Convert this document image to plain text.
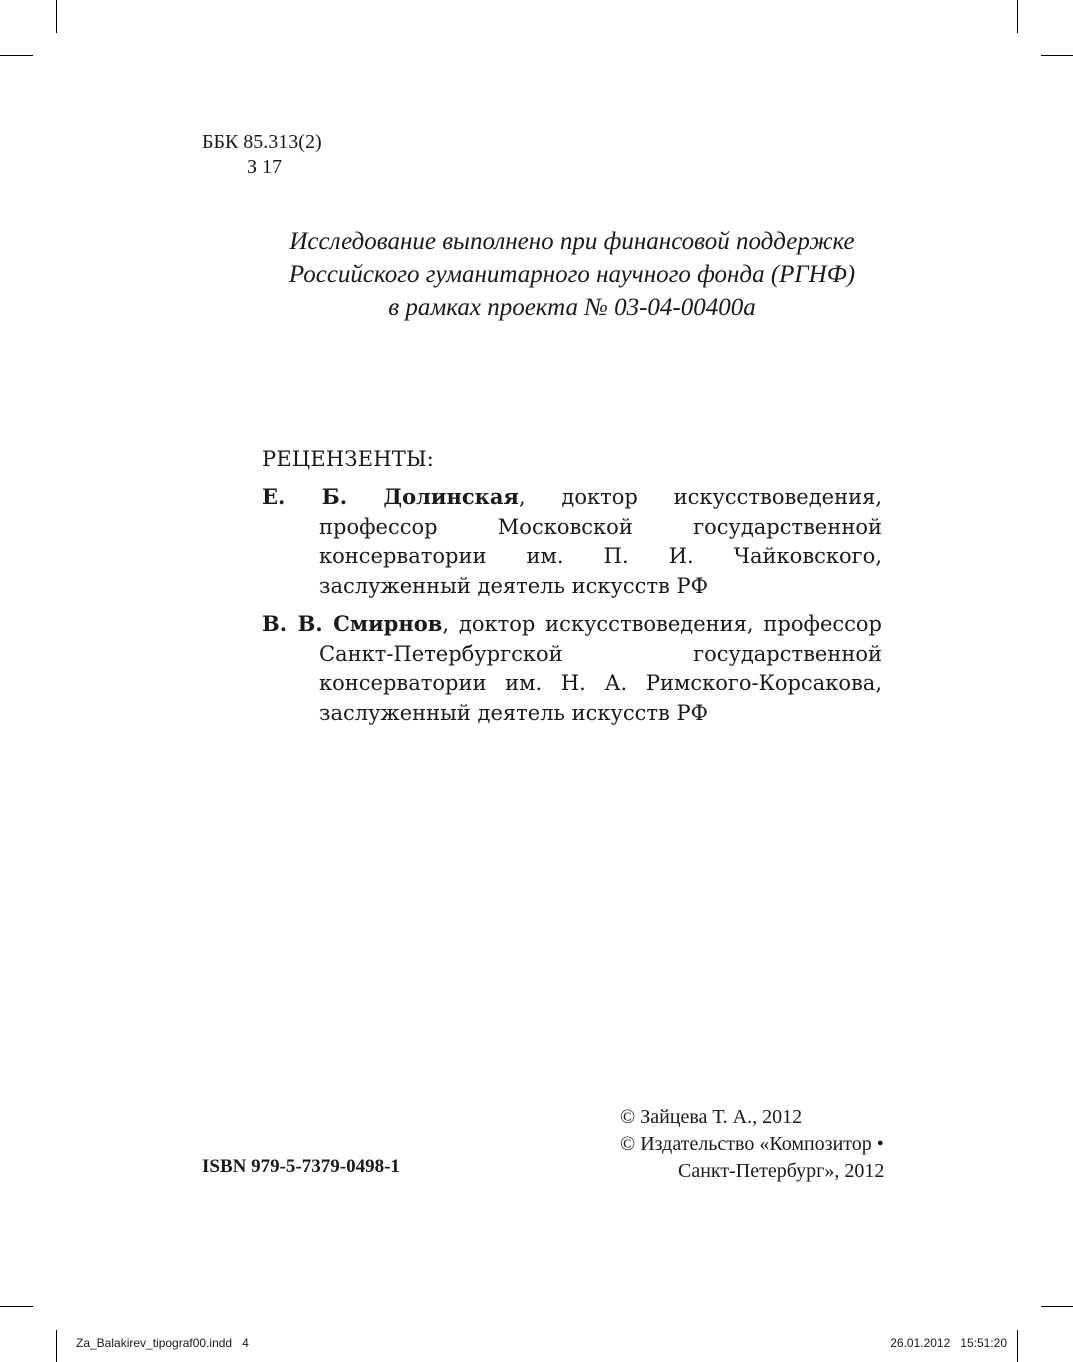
ББК 85.313(2)
З 17
Исследование выполнено при финансовой поддержке
Российского гуманитарного научного фонда (РГНФ)
в рамках проекта № 03-04-00400а
РЕЦЕНЗЕНТЫ:
Е. Б. Долинская, доктор искусствоведения, профессор Московской государственной консерватории им. П. И. Чайковского, заслуженный деятель искусств РФ
В. В. Смирнов, доктор искусствоведения, профессор Санкт-Петербургской государственной консерватории им. Н. А. Римского-Корсакова, заслуженный деятель искусств РФ
© Зайцева Т. А., 2012
© Издательство «Композитор •
Санкт-Петербург», 2012
ISBN 979-5-7379-0498-1
Za_Balakirev_tipograf00.indd   4	26.01.2012   15:51:20
